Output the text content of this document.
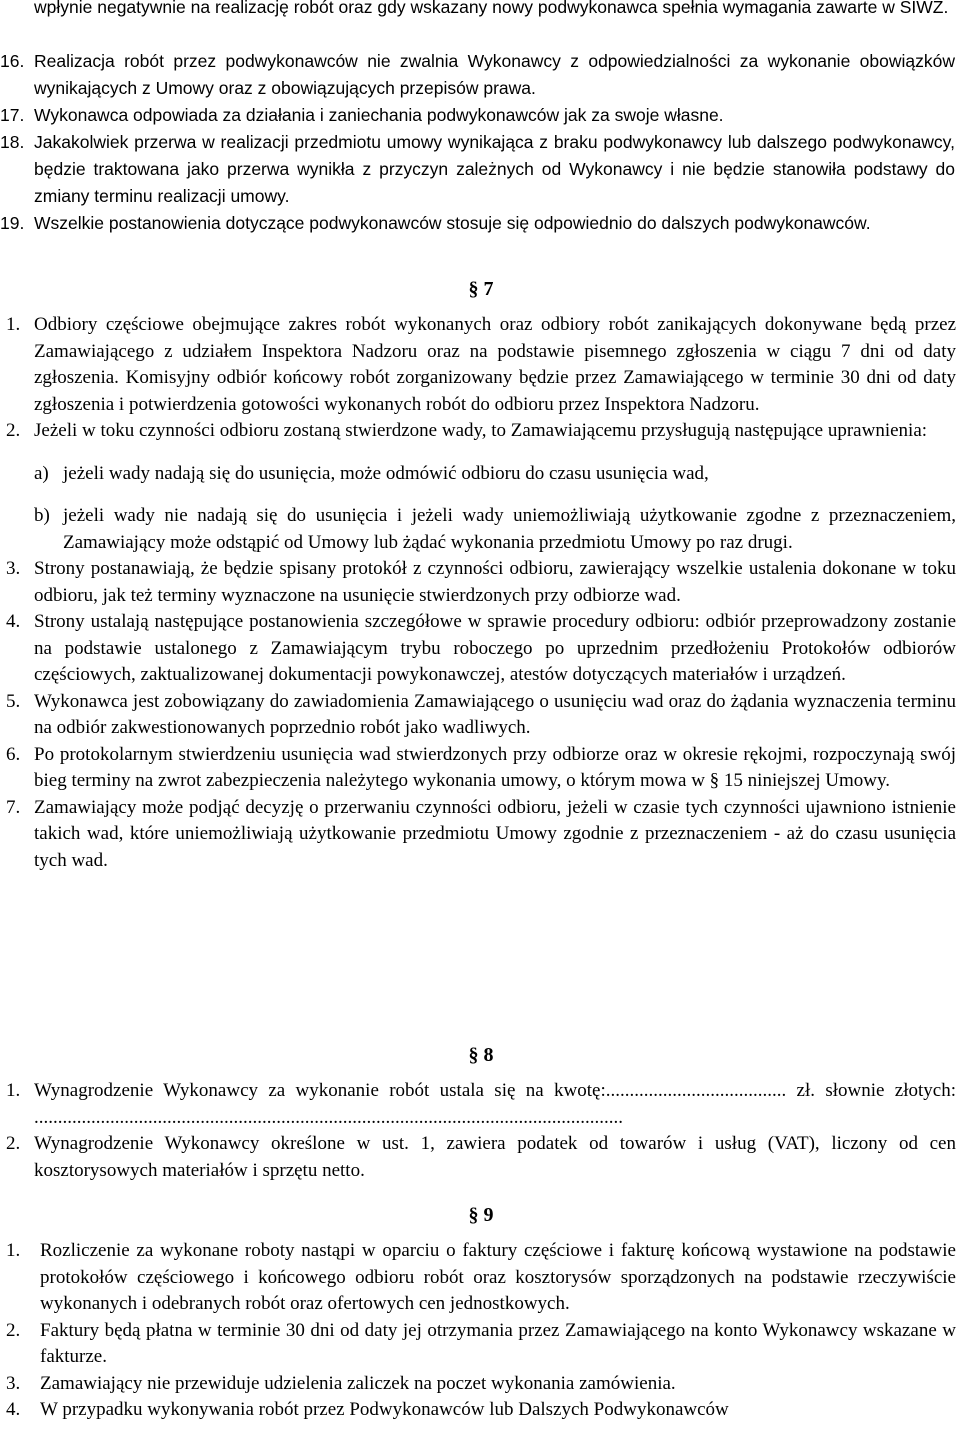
wpłynie negatywnie na realizację robót oraz gdy wskazany nowy podwykonawca spełnia wymagania zawarte w SIWZ.
16. Realizacja robót przez podwykonawców nie zwalnia Wykonawcy z odpowiedzialności za wykonanie obowiązków wynikających z Umowy oraz z obowiązujących przepisów prawa.
17. Wykonawca odpowiada za działania i zaniechania podwykonawców jak za swoje własne.
18. Jakakolwiek przerwa w realizacji przedmiotu umowy wynikająca z braku podwykonawcy lub dalszego podwykonawcy, będzie traktowana jako przerwa wynikła z przyczyn zależnych od Wykonawcy i nie będzie stanowiła podstawy do zmiany terminu realizacji umowy.
19. Wszelkie postanowienia dotyczące podwykonawców stosuje się odpowiednio do dalszych podwykonawców.
§ 7
1. Odbiory częściowe obejmujące zakres robót wykonanych oraz odbiory robót zanikających dokonywane będą przez Zamawiającego z udziałem Inspektora Nadzoru oraz na podstawie pisemnego zgłoszenia w ciągu 7 dni od daty zgłoszenia. Komisyjny odbiór końcowy robót zorganizowany będzie przez Zamawiającego w terminie 30 dni od daty zgłoszenia i potwierdzenia gotowości wykonanych robót do odbioru przez Inspektora Nadzoru.
2. Jeżeli w toku czynności odbioru zostaną stwierdzone wady, to Zamawiającemu przysługują następujące uprawnienia:
a) jeżeli wady nadają się do usunięcia, może odmówić odbioru do czasu usunięcia wad,
b) jeżeli wady nie nadają się do usunięcia i jeżeli wady uniemożliwiają użytkowanie zgodne z przeznaczeniem, Zamawiający może odstąpić od Umowy lub żądać wykonania przedmiotu Umowy po raz drugi.
3. Strony postanawiają, że będzie spisany protokół z czynności odbioru, zawierający wszelkie ustalenia dokonane w toku odbioru, jak też terminy wyznaczone na usunięcie stwierdzonych przy odbiorze wad.
4. Strony ustalają następujące postanowienia szczegółowe w sprawie procedury odbioru: odbiór przeprowadzony zostanie na podstawie ustalonego z Zamawiającym trybu roboczego po uprzednim przedłożeniu Protokołów odbiorów częściowych, zaktualizowanej dokumentacji powykonawczej, atestów dotyczących materiałów i urządzeń.
5. Wykonawca jest zobowiązany do zawiadomienia Zamawiającego o usunięciu wad oraz do żądania wyznaczenia terminu na odbiór zakwestionowanych poprzednio robót jako wadliwych.
6. Po protokolarnym stwierdzeniu usunięcia wad stwierdzonych przy odbiorze oraz w okresie rękojmi, rozpoczynają swój bieg terminy na zwrot zabezpieczenia należytego wykonania umowy, o którym mowa w § 15 niniejszej Umowy.
7. Zamawiający może podjąć decyzję o przerwaniu czynności odbioru, jeżeli w czasie tych czynności ujawniono istnienie takich wad, które uniemożliwiają użytkowanie przedmiotu Umowy zgodnie z przeznaczeniem - aż do czasu usunięcia tych wad.
§ 8
1. Wynagrodzenie Wykonawcy za wykonanie robót ustala się na kwotę:...................................... zł. słownie złotych: ............................................................................................................................
2. Wynagrodzenie Wykonawcy określone w ust. 1, zawiera podatek od towarów i usług (VAT), liczony od cen kosztorysowych materiałów i sprzętu netto.
§ 9
1. Rozliczenie za wykonane roboty nastąpi w oparciu o faktury częściowe i fakturę końcową wystawione na podstawie protokołów częściowego i końcowego odbioru robót oraz kosztorysów sporządzonych na podstawie rzeczywiście wykonanych i odebranych robót oraz ofertowych cen jednostkowych.
2. Faktury będą płatna w terminie 30 dni od daty jej otrzymania przez Zamawiającego na konto Wykonawcy wskazane w fakturze.
3. Zamawiający nie przewiduje udzielenia zaliczek na poczet wykonania zamówienia.
4. W przypadku wykonywania robót przez Podwykonawców lub Dalszych Podwykonawców
